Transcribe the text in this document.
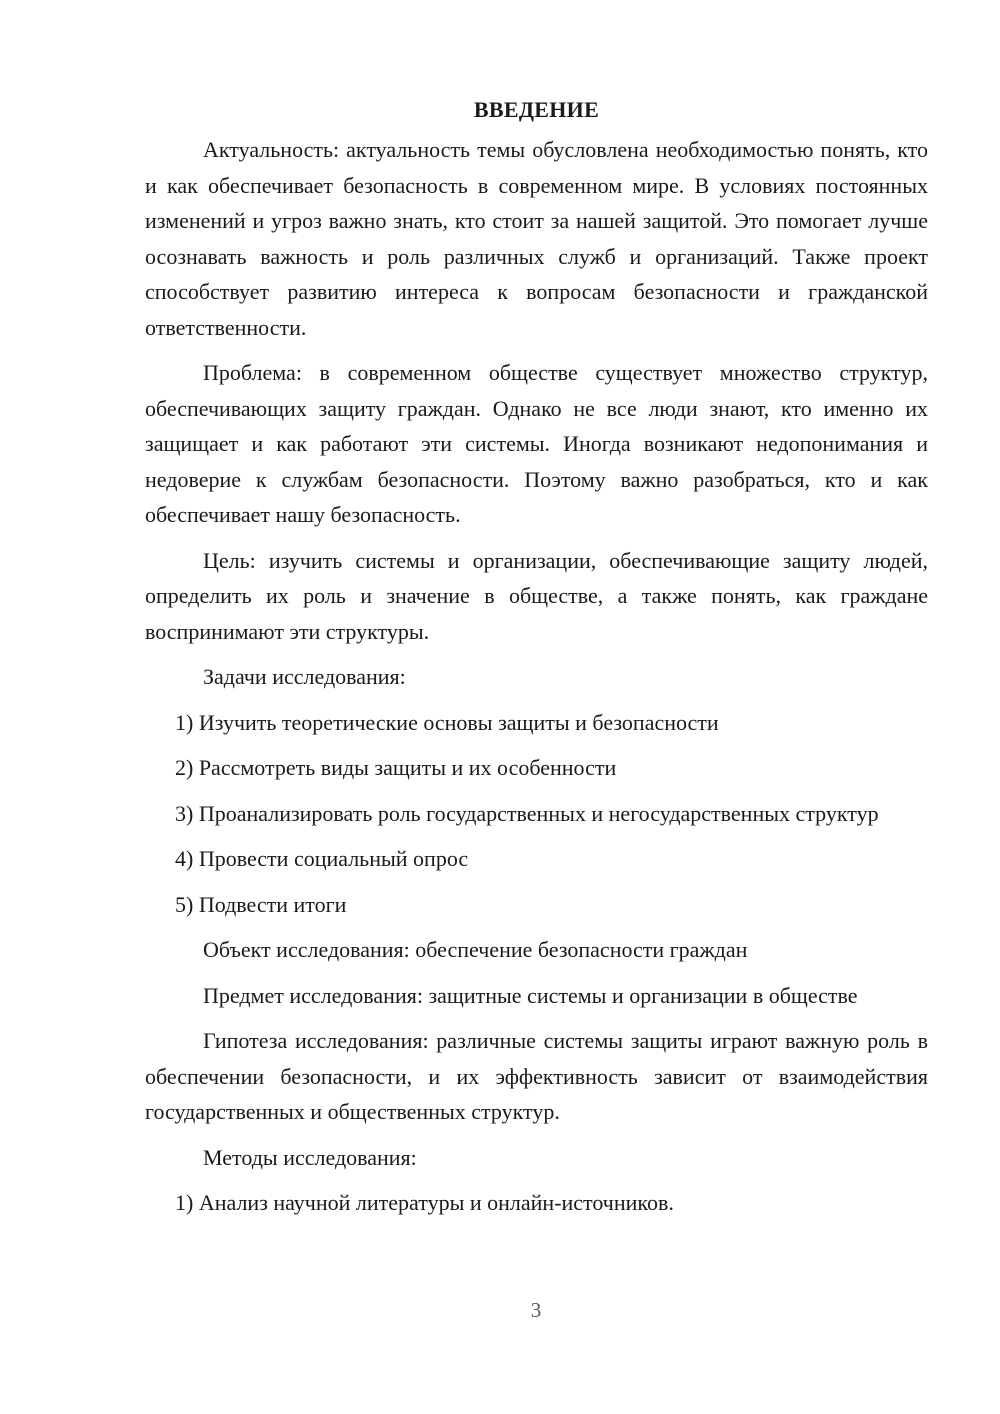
ВВЕДЕНИЕ

Актуальность: актуальность темы обусловлена необходимостью понять, кто и как обеспечивает безопасность в современном мире. В условиях постоянных изменений и угроз важно знать, кто стоит за нашей защитой. Это помогает лучше осознавать важность и роль различных служб и организаций. Также проект способствует развитию интереса к вопросам безопасности и гражданской ответственности.

Проблема: в современном обществе существует множество структур, обеспечивающих защиту граждан. Однако не все люди знают, кто именно их защищает и как работают эти системы. Иногда возникают недопонимания и недоверие к службам безопасности. Поэтому важно разобраться, кто и как обеспечивает нашу безопасность.

Цель: изучить системы и организации, обеспечивающие защиту людей, определить их роль и значение в обществе, а также понять, как граждане воспринимают эти структуры.

Задачи исследования:

1) Изучить теоретические основы защиты и безопасности

2) Рассмотреть виды защиты и их особенности

3) Проанализировать роль государственных и негосударственных структур

4) Провести социальный опрос

5) Подвести итоги

Объект исследования: обеспечение безопасности граждан

Предмет исследования: защитные системы и организации в обществе

Гипотеза исследования: различные системы защиты играют важную роль в обеспечении безопасности, и их эффективность зависит от взаимодействия государственных и общественных структур.

Методы исследования:

1) Анализ научной литературы и онлайн-источников.

3
